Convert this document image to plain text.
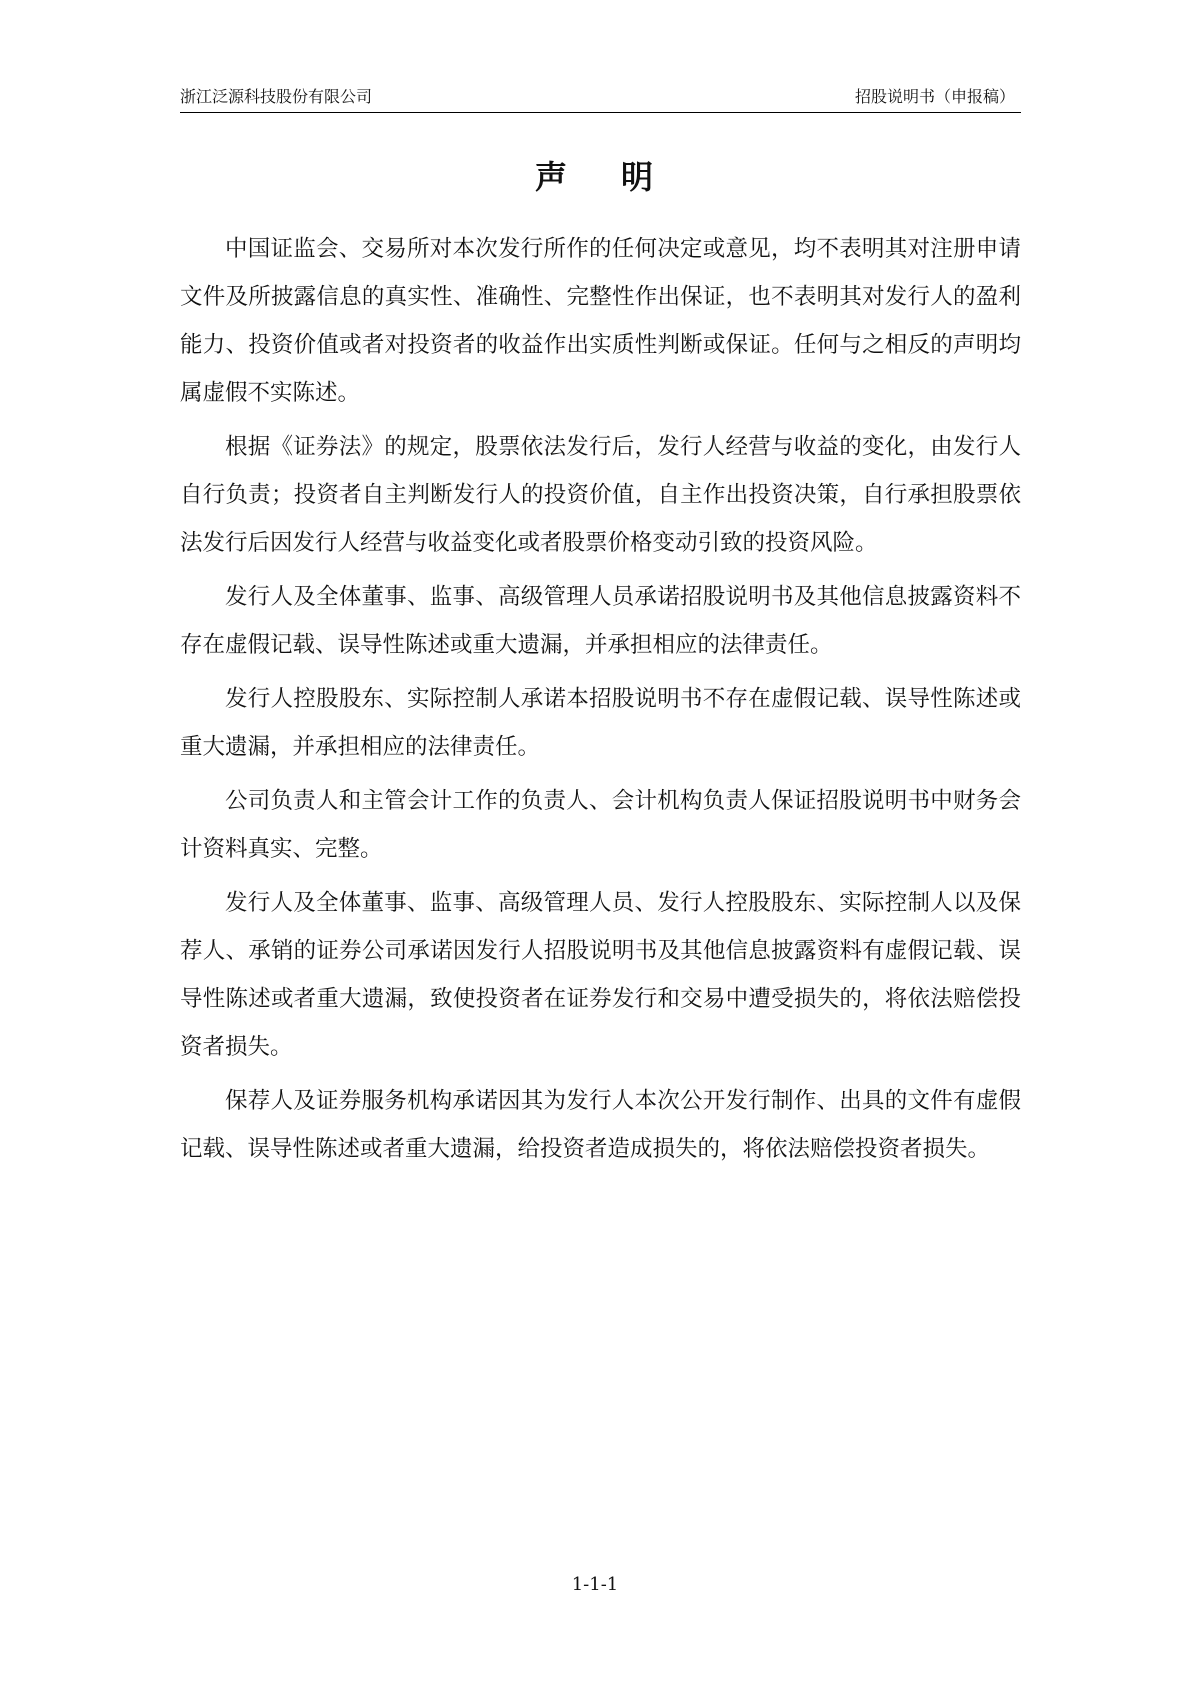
浙江泛源科技股份有限公司	招股说明书（申报稿）
声 明

中国证监会、交易所对本次发行所作的任何决定或意见，均不表明其对注册申请文件及所披露信息的真实性、准确性、完整性作出保证，也不表明其对发行人的盈利能力、投资价值或者对投资者的收益作出实质性判断或保证。任何与之相反的声明均属虚假不实陈述。

根据《证券法》的规定，股票依法发行后，发行人经营与收益的变化，由发行人自行负责；投资者自主判断发行人的投资价值，自主作出投资决策，自行承担股票依法发行后因发行人经营与收益变化或者股票价格变动引致的投资风险。

发行人及全体董事、监事、高级管理人员承诺招股说明书及其他信息披露资料不存在虚假记载、误导性陈述或重大遗漏，并承担相应的法律责任。

发行人控股股东、实际控制人承诺本招股说明书不存在虚假记载、误导性陈述或重大遗漏，并承担相应的法律责任。

公司负责人和主管会计工作的负责人、会计机构负责人保证招股说明书中财务会计资料真实、完整。

发行人及全体董事、监事、高级管理人员、发行人控股股东、实际控制人以及保荐人、承销的证券公司承诺因发行人招股说明书及其他信息披露资料有虚假记载、误导性陈述或者重大遗漏，致使投资者在证券发行和交易中遭受损失的，将依法赔偿投资者损失。

保荐人及证券服务机构承诺因其为发行人本次公开发行制作、出具的文件有虚假记载、误导性陈述或者重大遗漏，给投资者造成损失的，将依法赔偿投资者损失。

1-1-1
